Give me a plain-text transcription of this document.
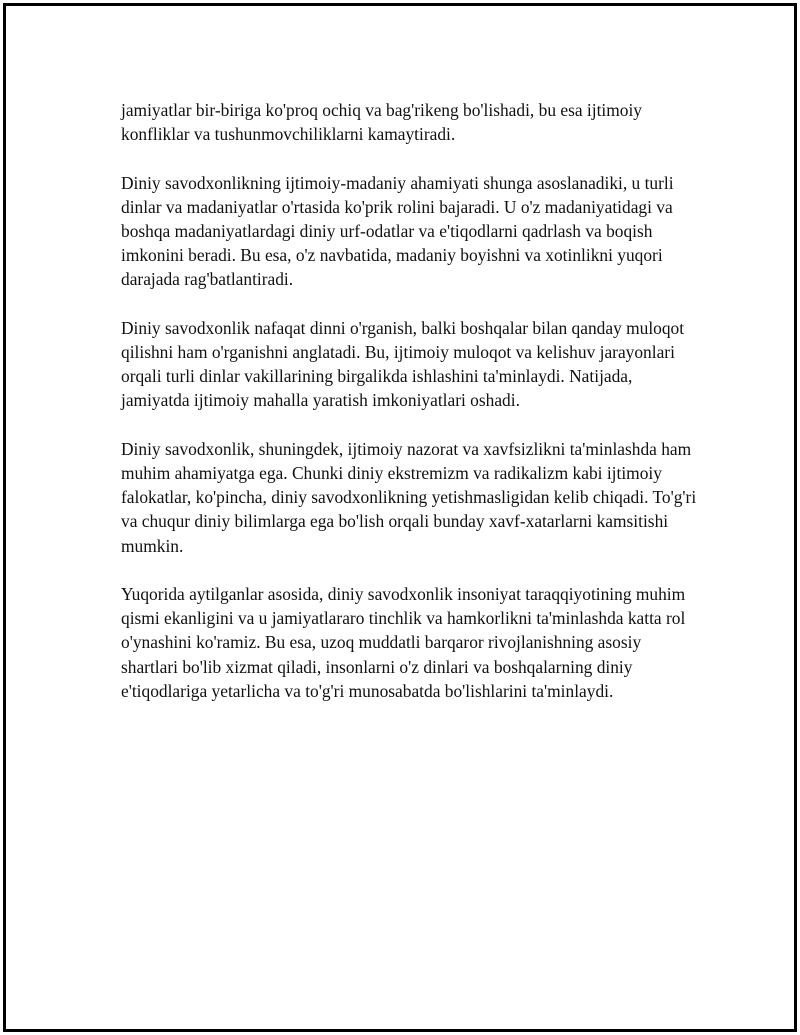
jamiyatlar bir-biriga ko'proq ochiq va bag'rikeng bo'lishadi, bu esa ijtimoiy konfliklar va tushunmovchiliklarni kamaytiradi.

Diniy savodxonlikning ijtimoiy-madaniy ahamiyati shunga asoslanadiki, u turli dinlar va madaniyatlar o'rtasida ko'prik rolini bajaradi. U o'z madaniyatidagi va boshqa madaniyatlardagi diniy urf-odatlar va e'tiqodlarni qadrlash va boqish imkonini beradi. Bu esa, o'z navbatida, madaniy boyishni va xotinlikni yuqori darajada rag'batlantiradi.

Diniy savodxonlik nafaqat dinni o'rganish, balki boshqalar bilan qanday muloqot qilishni ham o'rganishni anglatadi. Bu, ijtimoiy muloqot va kelishuv jarayonlari orqali turli dinlar vakillarining birgalikda ishlashini ta'minlaydi. Natijada, jamiyatda ijtimoiy mahalla yaratish imkoniyatlari oshadi.

Diniy savodxonlik, shuningdek, ijtimoiy nazorat va xavfsizlikni ta'minlashda ham muhim ahamiyatga ega. Chunki diniy ekstremizm va radikalizm kabi ijtimoiy falokatlar, ko'pincha, diniy savodxonlikning yetishmasligidan kelib chiqadi. To'g'ri va chuqur diniy bilimlarga ega bo'lish orqali bunday xavf-xatarlarni kamsitishi mumkin.

Yuqorida aytilganlar asosida, diniy savodxonlik insoniyat taraqqiyotining muhim qismi ekanligini va u jamiyatlararo tinchlik va hamkorlikni ta'minlashda katta rol o'ynashini ko'ramiz. Bu esa, uzoq muddatli barqaror rivojlanishning asosiy shartlari bo'lib xizmat qiladi, insonlarni o'z dinlari va boshqalarning diniy e'tiqodlariga yetarlicha va to'g'ri munosabatda bo'lishlarini ta'minlaydi.
